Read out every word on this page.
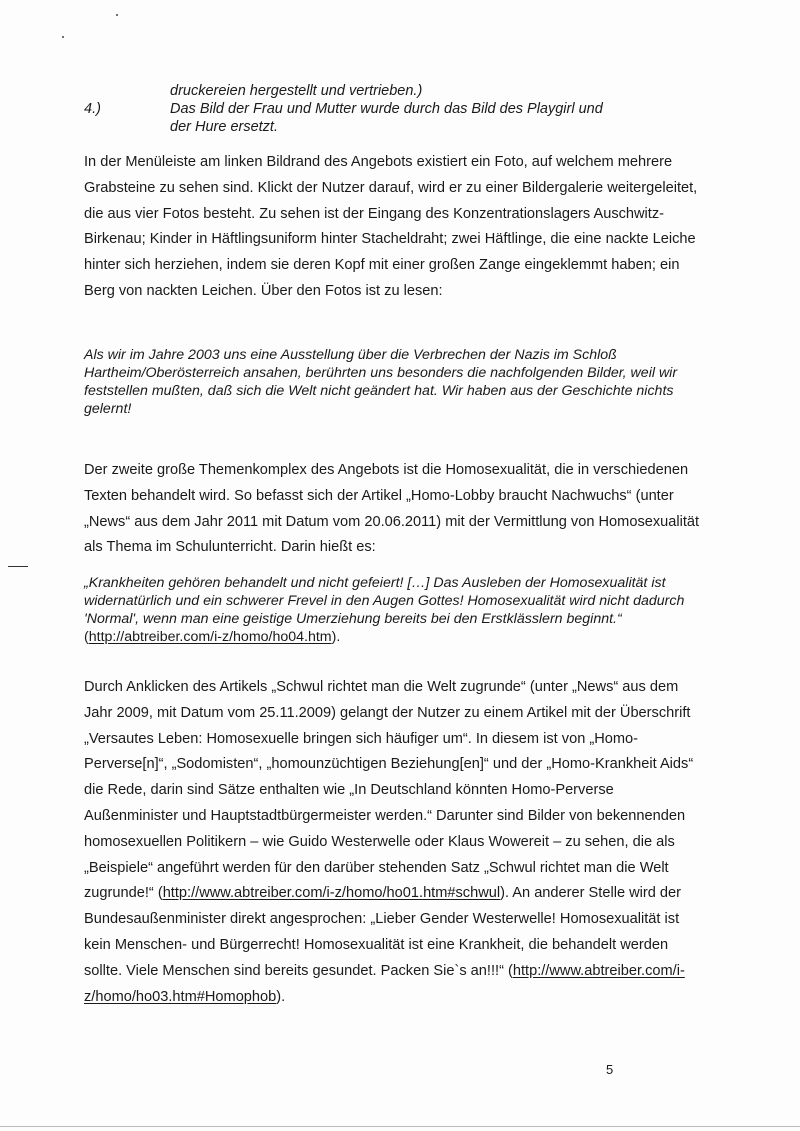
druckereien hergestellt und vertrieben.)
4.)	Das Bild der Frau und Mutter wurde durch das Bild des Playgirl und
der Hure ersetzt.

In der Menüleiste am linken Bildrand des Angebots existiert ein Foto, auf welchem mehrere Grabsteine zu sehen sind. Klickt der Nutzer darauf, wird er zu einer Bildergalerie weitergeleitet, die aus vier Fotos besteht. Zu sehen ist der Eingang des Konzentrationslagers Auschwitz-Birkenau; Kinder in Häftlingsuniform hinter Stacheldraht; zwei Häftlinge, die eine nackte Leiche hinter sich herziehen, indem sie deren Kopf mit einer großen Zange eingeklemmt haben; ein Berg von nackten Leichen. Über den Fotos ist zu lesen:

Als wir im Jahre 2003 uns eine Ausstellung über die Verbrechen der Nazis im Schloß Hartheim/Oberösterreich ansahen, berührten uns besonders die nachfolgenden Bilder, weil wir feststellen mußten, daß sich die Welt nicht geändert hat. Wir haben aus der Geschichte nichts gelernt!

Der zweite große Themenkomplex des Angebots ist die Homosexualität, die in verschiedenen Texten behandelt wird. So befasst sich der Artikel „Homo-Lobby braucht Nachwuchs“ (unter „News“ aus dem Jahr 2011 mit Datum vom 20.06.2011) mit der Vermittlung von Homosexualität als Thema im Schulunterricht. Darin hießt es:

„Krankheiten gehören behandelt und nicht gefeiert! […] Das Ausleben der Homosexualität ist widernatürlich und ein schwerer Frevel in den Augen Gottes! Homosexualität wird nicht dadurch 'Normal', wenn man eine geistige Umerziehung bereits bei den Erstklässlern beginnt.“ (http://abtreiber.com/i-z/homo/ho04.htm).

Durch Anklicken des Artikels „Schwul richtet man die Welt zugrunde“ (unter „News“ aus dem Jahr 2009, mit Datum vom 25.11.2009) gelangt der Nutzer zu einem Artikel mit der Überschrift „Versautes Leben: Homosexuelle bringen sich häufiger um“. In diesem ist von „Homo-Perverse[n]“, „Sodomisten“, „homounzüchtigen Beziehung[en]“ und der „Homo-Krankheit Aids“ die Rede, darin sind Sätze enthalten wie „In Deutschland könnten Homo-Perverse Außenminister und Hauptstadtbürgermeister werden.“ Darunter sind Bilder von bekennenden homosexuellen Politikern – wie Guido Westerwelle oder Klaus Wowereit – zu sehen, die als „Beispiele“ angeführt werden für den darüber stehenden Satz „Schwul richtet man die Welt zugrunde!“ (http://www.abtreiber.com/i-z/homo/ho01.htm#schwul). An anderer Stelle wird der Bundesaußenminister direkt angesprochen: „Lieber Gender Westerwelle! Homosexualität ist kein Menschen- und Bürgerrecht! Homosexualität ist eine Krankheit, die behandelt werden sollte. Viele Menschen sind bereits gesundet. Packen Sie`s an!!!“ (http://www.abtreiber.com/i-z/homo/ho03.htm#Homophob).

5
